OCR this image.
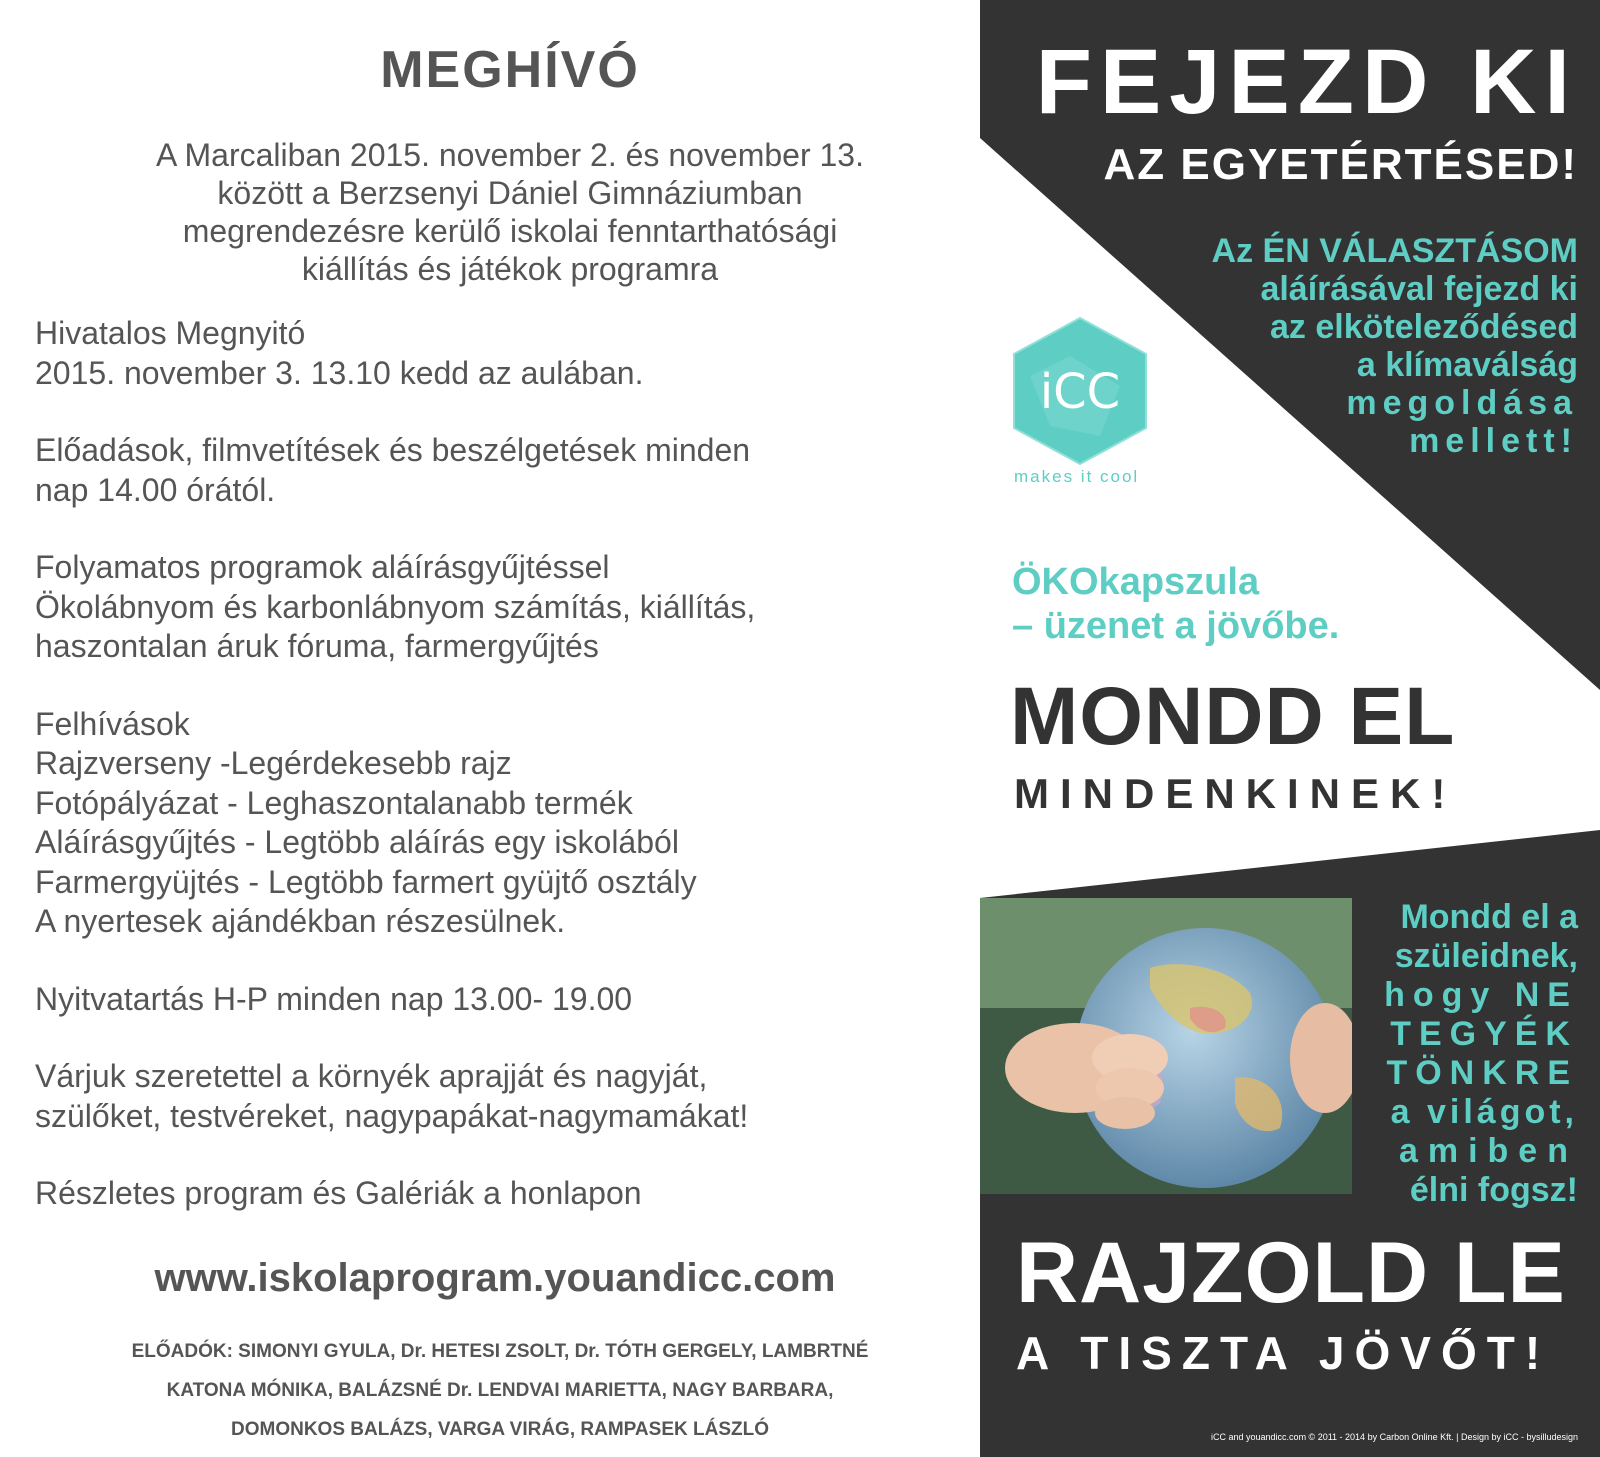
MEGHÍVÓ
A Marcaliban 2015. november 2. és november 13.
között a Berzsenyi Dániel Gimnáziumban
megrendezésre kerülő iskolai fenntarthatósági
kiállítás és játékok programra
Hivatalos Megnyitó
2015. november 3. 13.10 kedd az aulában.
Előadások, filmvetítések és beszélgetések minden
nap 14.00 órától.
Folyamatos programok aláírásgyűjtéssel
Ökolábnyom és karbonlábnyom számítás, kiállítás,
haszontalan áruk fóruma, farmergyűjtés
Felhívások
Rajzverseny -Legérdekesebb rajz
Fotópályázat - Leghaszontalanabb termék
Aláírásgyűjtés - Legtöbb aláírás egy iskolából
Farmergyüjtés - Legtöbb farmert gyüjtő osztály
A nyertesek ajándékban részesülnek.
Nyitvatartás H-P minden nap 13.00- 19.00
Várjuk szeretettel a környék aprajját és nagyját,
szülőket, testvéreket, nagypapákat-nagymamákat!
Részletes program és Galériák a honlapon
www.iskolaprogram.youandicc.com
ELŐADÓK: SIMONYI GYULA, Dr. HETESI ZSOLT, Dr. TÓTH GERGELY, LAMBRTNÉ
KATONA MÓNIKA, BALÁZSNÉ Dr. LENDVAI MARIETTA, NAGY BARBARA,
DOMONKOS BALÁZS, VARGA VIRÁG, RAMPASEK LÁSZLÓ
FEJEZD KI
AZ EGYETÉRTÉSED!
Az ÉN VÁLASZTÁSOM
aláírásával fejezd ki
az elköteleződésed
a klímaválság
megoldása
mellett!
iCC
makes it cool
ÖKOkapszula
– üzenet a jövőbe.
MONDD EL
MINDENKINEK!
Mondd el a
szüleidnek,
hogy NE
TEGYÉK
TÖNKRE
a világot,
amiben
élni fogsz!
RAJZOLD LE
A TISZTA JÖVŐT!
iCC and youandicc.com © 2011 - 2014 by Carbon Online Kft. | Design by iCC - bysilludesign
